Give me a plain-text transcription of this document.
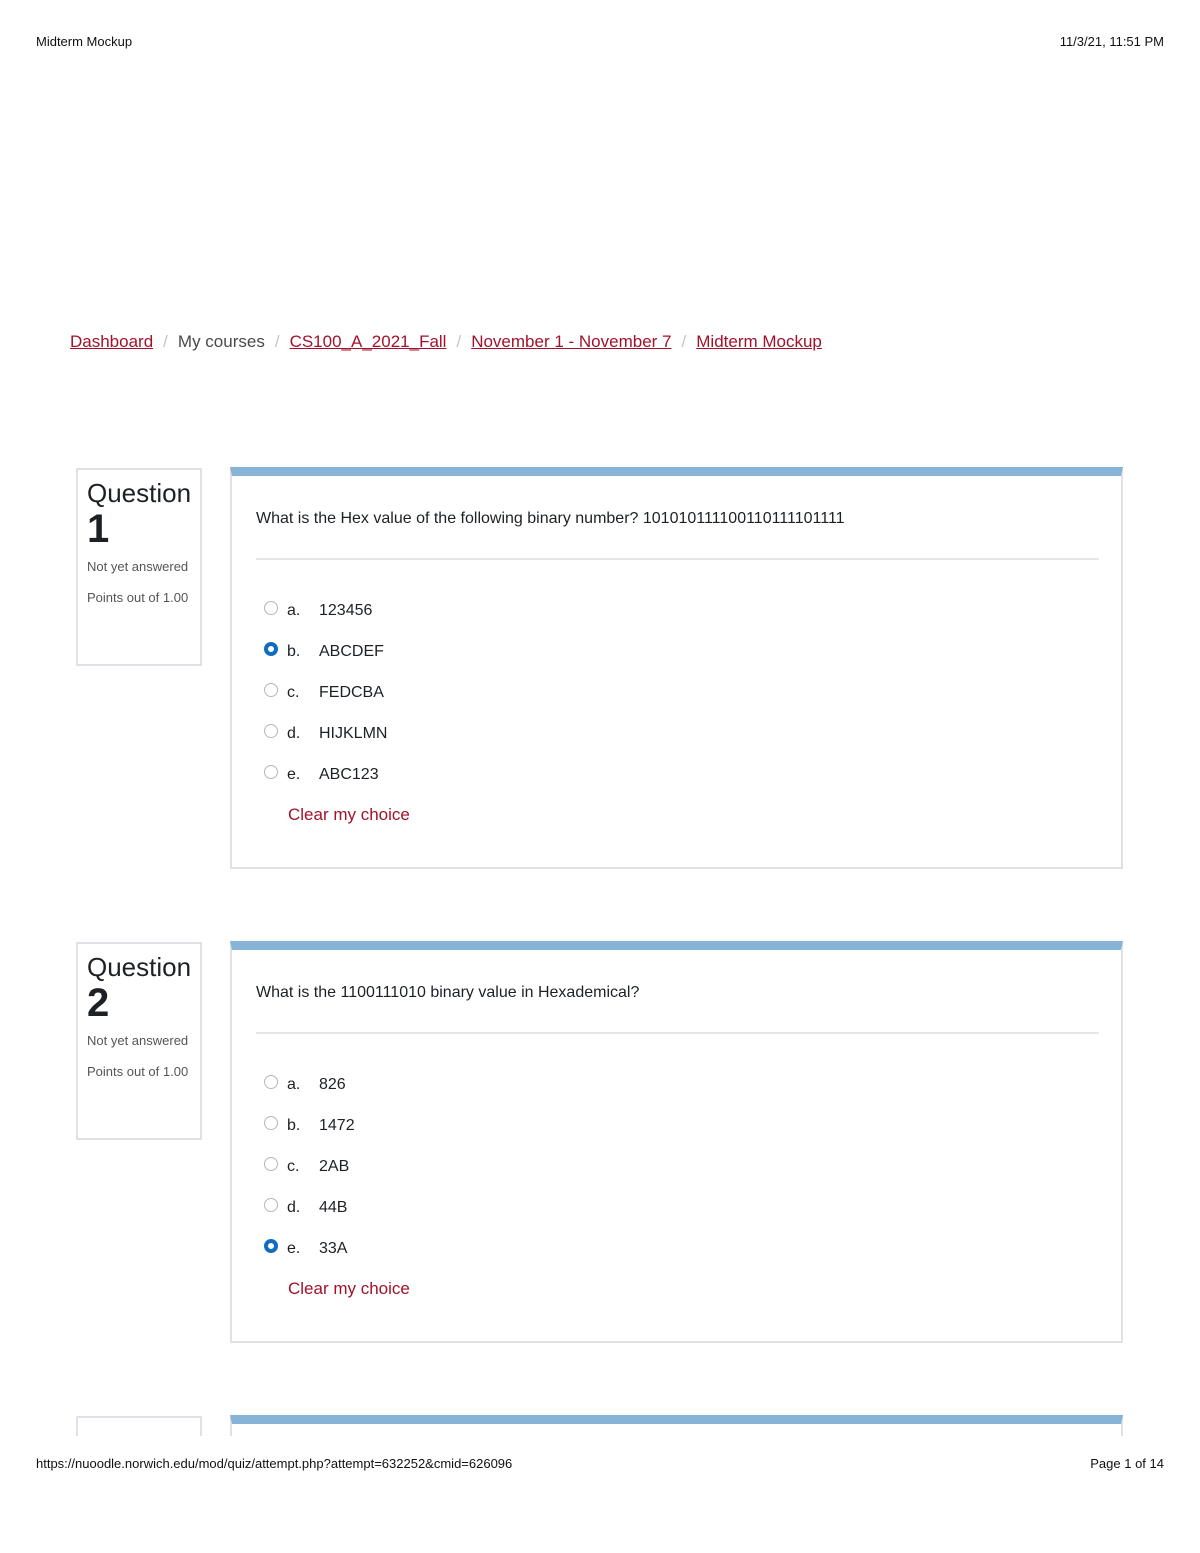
Midterm Mockup	11/3/21, 11:51 PM
Dashboard / My courses / CS100_A_2021_Fall / November 1 - November 7 / Midterm Mockup
Question
1
Not yet answered
Points out of 1.00
What is the Hex value of the following binary number? 101010111100110111101111
a.	123456
b.	ABCDEF
c.	FEDCBA
d.	HIJKLMN
e.	ABC123
Clear my choice
Question
2
Not yet answered
Points out of 1.00
What is the 1100111010 binary value in Hexademical?
a.	826
b.	1472
c.	2AB
d.	44B
e.	33A
Clear my choice
https://nuoodle.norwich.edu/mod/quiz/attempt.php?attempt=632252&cmid=626096	Page 1 of 14
